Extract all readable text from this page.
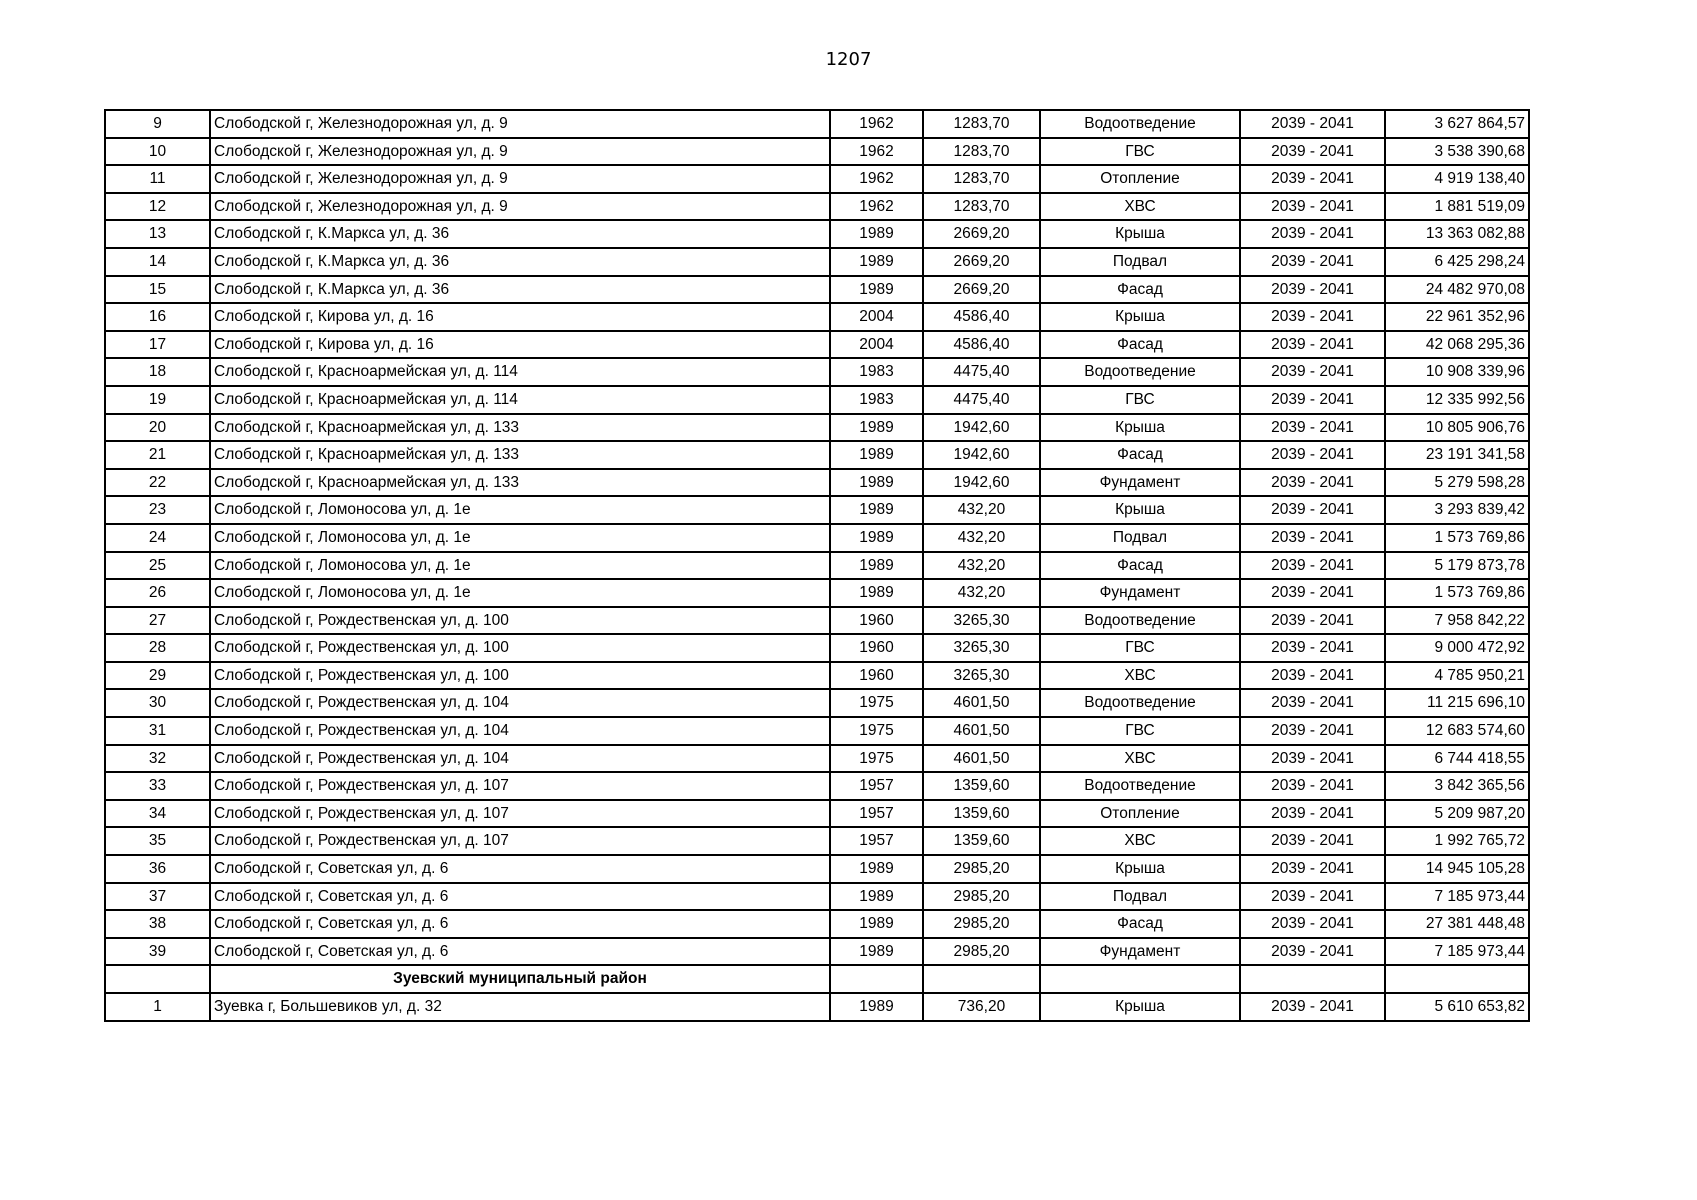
1207
9	Слободской г, Железнодорожная ул, д. 9	1962	1283,70	Водоотведение	2039 - 2041	3 627 864,57
10	Слободской г, Железнодорожная ул, д. 9	1962	1283,70	ГВС	2039 - 2041	3 538 390,68
11	Слободской г, Железнодорожная ул, д. 9	1962	1283,70	Отопление	2039 - 2041	4 919 138,40
12	Слободской г, Железнодорожная ул, д. 9	1962	1283,70	ХВС	2039 - 2041	1 881 519,09
13	Слободской г, К.Маркса ул, д. 36	1989	2669,20	Крыша	2039 - 2041	13 363 082,88
14	Слободской г, К.Маркса ул, д. 36	1989	2669,20	Подвал	2039 - 2041	6 425 298,24
15	Слободской г, К.Маркса ул, д. 36	1989	2669,20	Фасад	2039 - 2041	24 482 970,08
16	Слободской г, Кирова ул, д. 16	2004	4586,40	Крыша	2039 - 2041	22 961 352,96
17	Слободской г, Кирова ул, д. 16	2004	4586,40	Фасад	2039 - 2041	42 068 295,36
18	Слободской г, Красноармейская ул, д. 114	1983	4475,40	Водоотведение	2039 - 2041	10 908 339,96
19	Слободской г, Красноармейская ул, д. 114	1983	4475,40	ГВС	2039 - 2041	12 335 992,56
20	Слободской г, Красноармейская ул, д. 133	1989	1942,60	Крыша	2039 - 2041	10 805 906,76
21	Слободской г, Красноармейская ул, д. 133	1989	1942,60	Фасад	2039 - 2041	23 191 341,58
22	Слободской г, Красноармейская ул, д. 133	1989	1942,60	Фундамент	2039 - 2041	5 279 598,28
23	Слободской г, Ломоносова ул, д. 1е	1989	432,20	Крыша	2039 - 2041	3 293 839,42
24	Слободской г, Ломоносова ул, д. 1е	1989	432,20	Подвал	2039 - 2041	1 573 769,86
25	Слободской г, Ломоносова ул, д. 1е	1989	432,20	Фасад	2039 - 2041	5 179 873,78
26	Слободской г, Ломоносова ул, д. 1е	1989	432,20	Фундамент	2039 - 2041	1 573 769,86
27	Слободской г, Рождественская ул, д. 100	1960	3265,30	Водоотведение	2039 - 2041	7 958 842,22
28	Слободской г, Рождественская ул, д. 100	1960	3265,30	ГВС	2039 - 2041	9 000 472,92
29	Слободской г, Рождественская ул, д. 100	1960	3265,30	ХВС	2039 - 2041	4 785 950,21
30	Слободской г, Рождественская ул, д. 104	1975	4601,50	Водоотведение	2039 - 2041	11 215 696,10
31	Слободской г, Рождественская ул, д. 104	1975	4601,50	ГВС	2039 - 2041	12 683 574,60
32	Слободской г, Рождественская ул, д. 104	1975	4601,50	ХВС	2039 - 2041	6 744 418,55
33	Слободской г, Рождественская ул, д. 107	1957	1359,60	Водоотведение	2039 - 2041	3 842 365,56
34	Слободской г, Рождественская ул, д. 107	1957	1359,60	Отопление	2039 - 2041	5 209 987,20
35	Слободской г, Рождественская ул, д. 107	1957	1359,60	ХВС	2039 - 2041	1 992 765,72
36	Слободской г, Советская ул, д. 6	1989	2985,20	Крыша	2039 - 2041	14 945 105,28
37	Слободской г, Советская ул, д. 6	1989	2985,20	Подвал	2039 - 2041	7 185 973,44
38	Слободской г, Советская ул, д. 6	1989	2985,20	Фасад	2039 - 2041	27 381 448,48
39	Слободской г, Советская ул, д. 6	1989	2985,20	Фундамент	2039 - 2041	7 185 973,44
	Зуевский муниципальный район					
1	Зуевка г, Большевиков ул, д. 32	1989	736,20	Крыша	2039 - 2041	5 610 653,82
